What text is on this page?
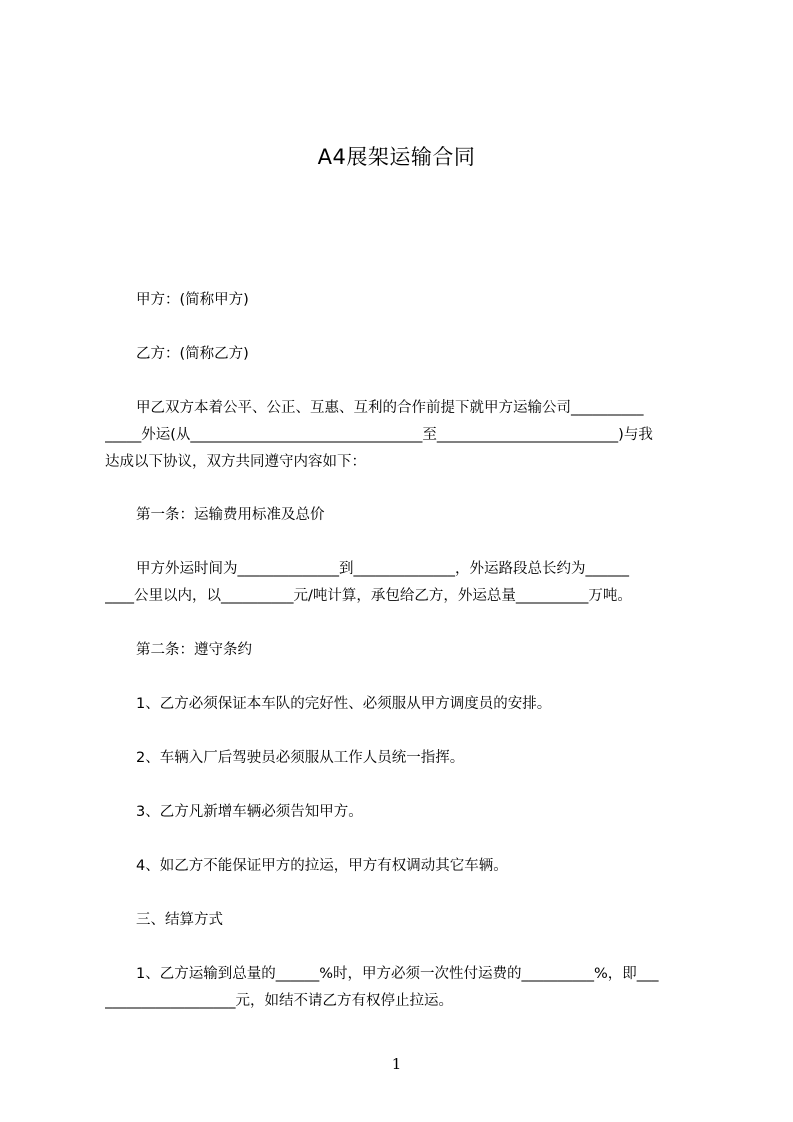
A4展架运输合同
甲方：(简称甲方)
乙方：(简称乙方)
甲乙双方本着公平、公正、互惠、互利的合作前提下就甲方运输公司__________
_____外运(从________________________________至_________________________)与我
达成以下协议，双方共同遵守内容如下：
第一条：运输费用标准及总价
甲方外运时间为______________到______________，外运路段总长约为______
____公里以内，以__________元/吨计算，承包给乙方，外运总量__________万吨。
第二条：遵守条约
1、乙方必须保证本车队的完好性、必须服从甲方调度员的安排。
2、车辆入厂后驾驶员必须服从工作人员统一指挥。
3、乙方凡新增车辆必须告知甲方。
4、如乙方不能保证甲方的拉运，甲方有权调动其它车辆。
三、结算方式
1、乙方运输到总量的______%时，甲方必须一次性付运费的__________%，即___
__________________元，如结不请乙方有权停止拉运。
1
